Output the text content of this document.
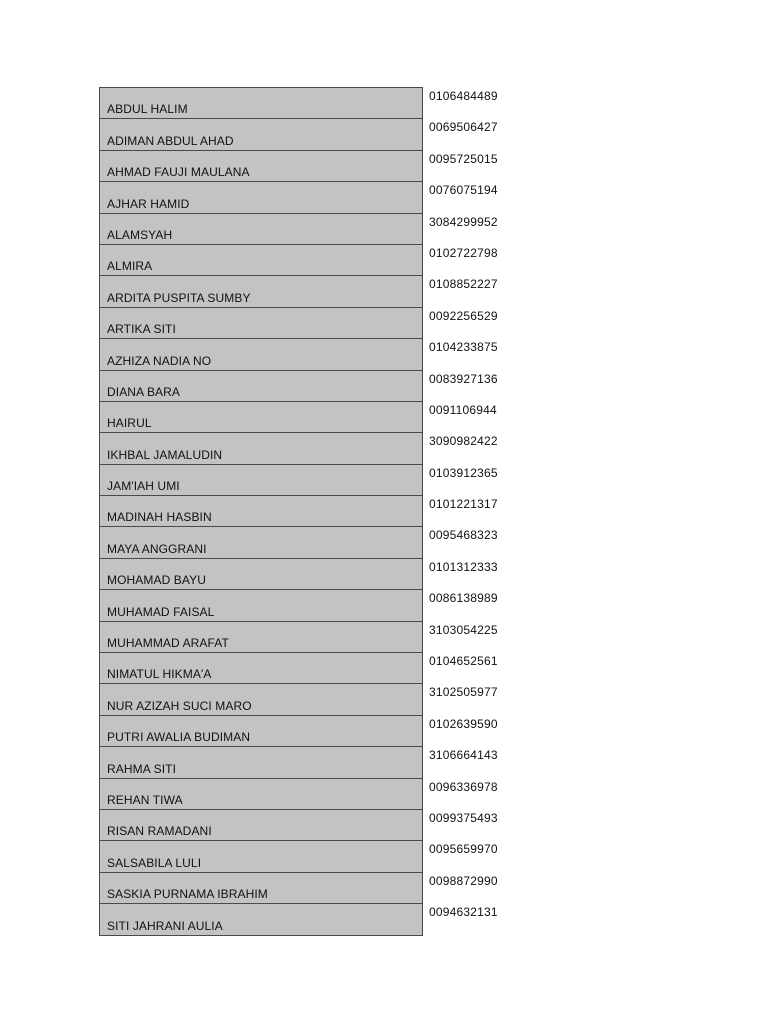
ABDUL HALIM
0106484489
ADIMAN ABDUL AHAD
0069506427
AHMAD FAUJI MAULANA
0095725015
AJHAR HAMID
0076075194
ALAMSYAH
3084299952
ALMIRA
0102722798
ARDITA PUSPITA SUMBY
0108852227
ARTIKA SITI
0092256529
AZHIZA NADIA NO
0104233875
DIANA BARA
0083927136
HAIRUL
0091106944
IKHBAL JAMALUDIN
3090982422
JAM'IAH UMI
0103912365
MADINAH HASBIN
0101221317
MAYA ANGGRANI
0095468323
MOHAMAD BAYU
0101312333
MUHAMAD FAISAL
0086138989
MUHAMMAD ARAFAT
3103054225
NIMATUL HIKMA'A
0104652561
NUR AZIZAH SUCI MARO
3102505977
PUTRI AWALIA BUDIMAN
0102639590
RAHMA SITI
3106664143
REHAN TIWA
0096336978
RISAN RAMADANI
0099375493
SALSABILA LULI
0095659970
SASKIA PURNAMA IBRAHIM
0098872990
SITI JAHRANI AULIA
0094632131
